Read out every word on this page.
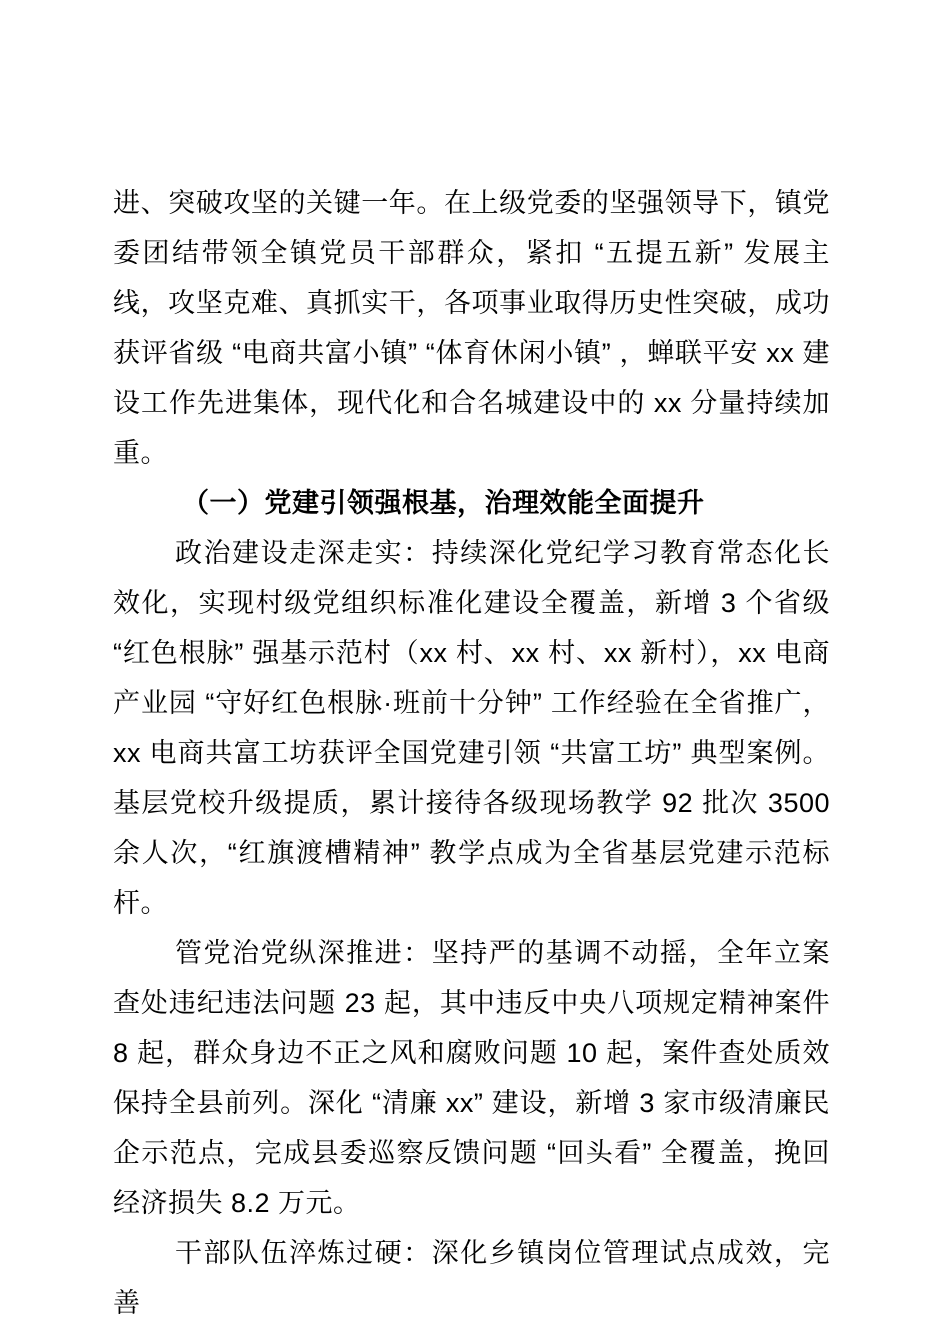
进、突破攻坚的关键一年。在上级党委的坚强领导下，镇党委团结带领全镇党员干部群众，紧扣 “五提五新” 发展主线，攻坚克难、真抓实干，各项事业取得历史性突破，成功获评省级 “电商共富小镇” “体育休闲小镇” ，蝉联平安 xx 建设工作先进集体，现代化和合名城建设中的 xx 分量持续加重。

（一）党建引领强根基，治理效能全面提升

政治建设走深走实：持续深化党纪学习教育常态化长效化，实现村级党组织标准化建设全覆盖，新增 3 个省级 “红色根脉” 强基示范村（xx 村、xx 村、xx 新村），xx 电商产业园 “守好红色根脉·班前十分钟” 工作经验在全省推广，xx 电商共富工坊获评全国党建引领 “共富工坊” 典型案例。基层党校升级提质，累计接待各级现场教学 92 批次 3500 余人次，“红旗渡槽精神” 教学点成为全省基层党建示范标杆。

管党治党纵深推进：坚持严的基调不动摇，全年立案查处违纪违法问题 23 起，其中违反中央八项规定精神案件 8 起，群众身边不正之风和腐败问题 10 起，案件查处质效保持全县前列。深化 “清廉 xx” 建设，新增 3 家市级清廉民企示范点，完成县委巡察反馈问题 “回头看” 全覆盖，挽回经济损失 8.2 万元。

干部队伍淬炼过硬：深化乡镇岗位管理试点成效，完善
